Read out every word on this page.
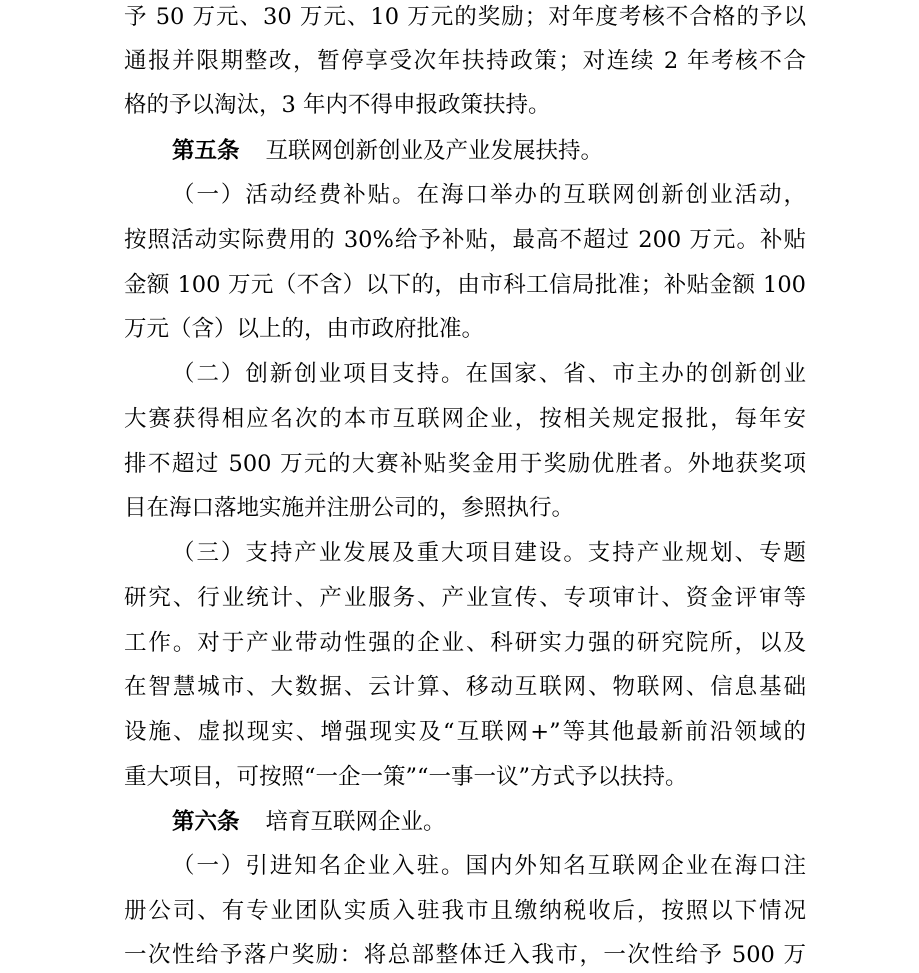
予 50 万元、30 万元、10 万元的奖励；对年度考核不合格的予以
通报并限期整改，暂停享受次年扶持政策；对连续 2 年考核不合
格的予以淘汰，3 年内不得申报政策扶持。
第五条 互联网创新创业及产业发展扶持。
（一）活动经费补贴。在海口举办的互联网创新创业活动，
按照活动实际费用的 30%给予补贴，最高不超过 200 万元。补贴
金额 100 万元（不含）以下的，由市科工信局批准；补贴金额 100
万元（含）以上的，由市政府批准。
（二）创新创业项目支持。在国家、省、市主办的创新创业
大赛获得相应名次的本市互联网企业，按相关规定报批，每年安
排不超过 500 万元的大赛补贴奖金用于奖励优胜者。外地获奖项
目在海口落地实施并注册公司的，参照执行。
（三）支持产业发展及重大项目建设。支持产业规划、专题
研究、行业统计、产业服务、产业宣传、专项审计、资金评审等
工作。对于产业带动性强的企业、科研实力强的研究院所，以及
在智慧城市、大数据、云计算、移动互联网、物联网、信息基础
设施、虚拟现实、增强现实及“互联网+”等其他最新前沿领域的
重大项目，可按照“一企一策”“一事一议”方式予以扶持。
第六条 培育互联网企业。
（一）引进知名企业入驻。国内外知名互联网企业在海口注
册公司、有专业团队实质入驻我市且缴纳税收后，按照以下情况
一次性给予落户奖励：将总部整体迁入我市，一次性给予 500 万
